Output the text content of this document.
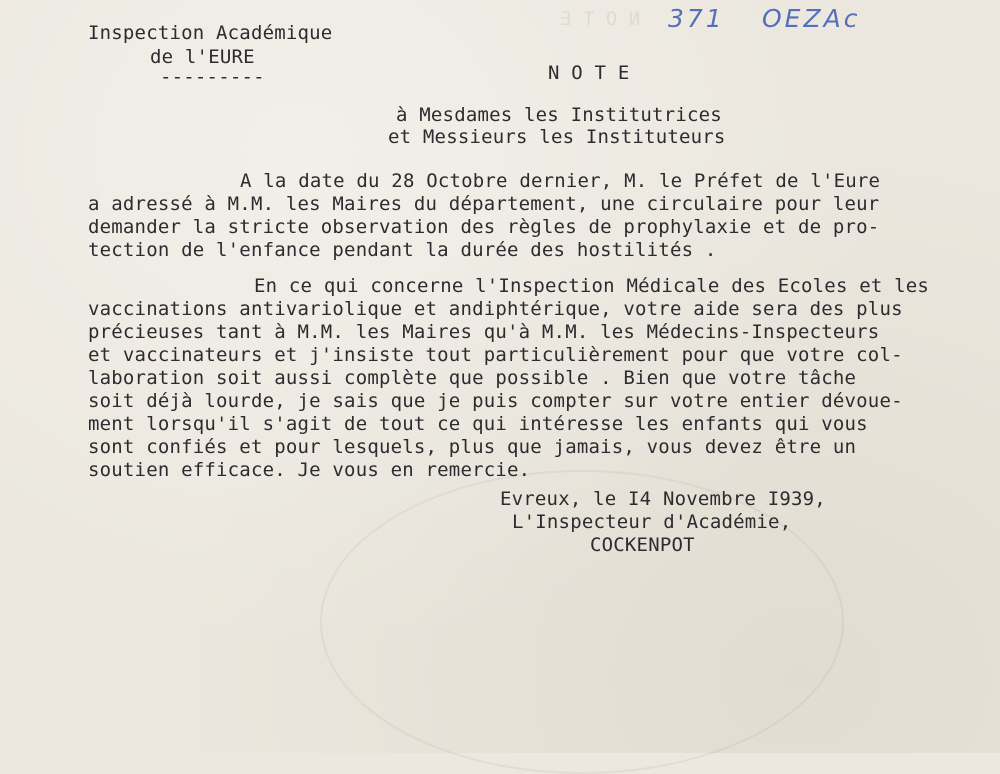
N O T E 371 OEZAc
Inspection Académique
de l'EURE
---------	N O T E
à Mesdames les Institutrices
et Messieurs les Instituteurs
A la date du 28 Octobre dernier, M. le Préfet de l'Eure
a adressé à M.M. les Maires du département, une circulaire pour leur
demander la stricte observation des règles de prophylaxie et de pro-
tection de l'enfance pendant la durée des hostilités .
En ce qui concerne l'Inspection Médicale des Ecoles et les
vaccinations antivariolique et andiphtérique, votre aide sera des plus
précieuses tant à M.M. les Maires qu'à M.M. les Médecins-Inspecteurs
et vaccinateurs et j'insiste tout particulièrement pour que votre col-
laboration soit aussi complète que possible . Bien que votre tâche
soit déjà lourde, je sais que je puis compter sur votre entier dévoue-
ment lorsqu'il s'agit de tout ce qui intéresse les enfants qui vous
sont confiés et pour lesquels, plus que jamais, vous devez être un
soutien efficace. Je vous en remercie.
Evreux, le I4 Novembre I939,
L'Inspecteur d'Académie,
COCKENPOT
